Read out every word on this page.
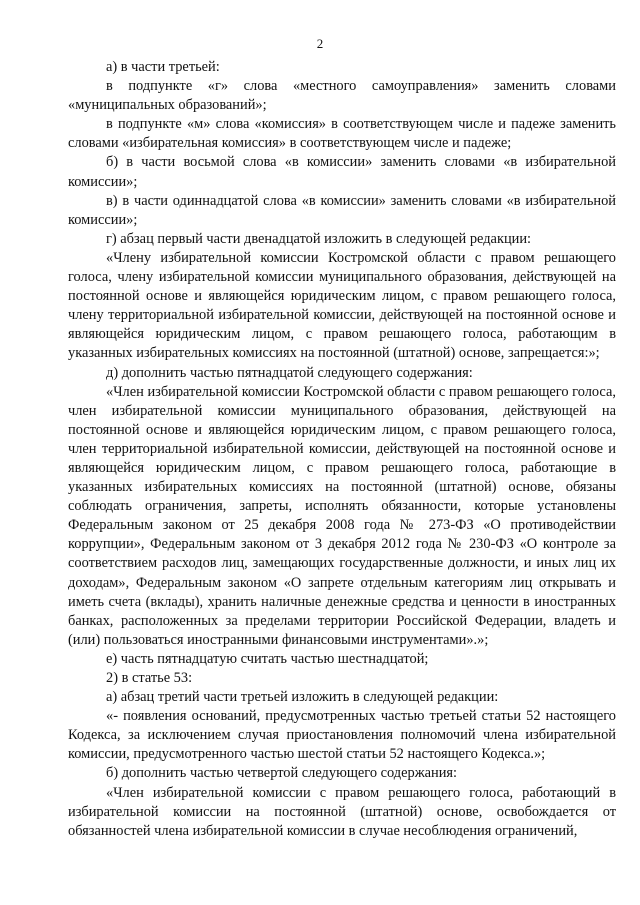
2

а) в части третьей:

в подпункте «г» слова «местного самоуправления» заменить словами «муниципальных образований»;

в подпункте «м» слова «комиссия» в соответствующем числе и падеже заменить словами «избирательная комиссия» в соответствующем числе и падеже;

б) в части восьмой слова «в комиссии» заменить словами «в избирательной комиссии»;

в) в части одиннадцатой слова «в комиссии» заменить словами «в избирательной комиссии»;

г) абзац первый части двенадцатой изложить в следующей редакции:

«Члену избирательной комиссии Костромской области с правом решающего голоса, члену избирательной комиссии муниципального образования, действующей на постоянной основе и являющейся юридическим лицом, с правом решающего голоса, члену территориальной избирательной комиссии, действующей на постоянной основе и являющейся юридическим лицом, с правом решающего голоса, работающим в указанных избирательных комиссиях на постоянной (штатной) основе, запрещается:»;

д) дополнить частью пятнадцатой следующего содержания:

«Член избирательной комиссии Костромской области с правом решающего голоса, член избирательной комиссии муниципального образования, действующей на постоянной основе и являющейся юридическим лицом, с правом решающего голоса, член территориальной избирательной комиссии, действующей на постоянной основе и являющейся юридическим лицом, с правом решающего голоса, работающие в указанных избирательных комиссиях на постоянной (штатной) основе, обязаны соблюдать ограничения, запреты, исполнять обязанности, которые установлены Федеральным законом от 25 декабря 2008 года № 273-ФЗ «О противодействии коррупции», Федеральным законом от 3 декабря 2012 года № 230-ФЗ «О контроле за соответствием расходов лиц, замещающих государственные должности, и иных лиц их доходам», Федеральным законом «О запрете отдельным категориям лиц открывать и иметь счета (вклады), хранить наличные денежные средства и ценности в иностранных банках, расположенных за пределами территории Российской Федерации, владеть и (или) пользоваться иностранными финансовыми инструментами».»;

е) часть пятнадцатую считать частью шестнадцатой;

2) в статье 53:

а) абзац третий части третьей изложить в следующей редакции:

«- появления оснований, предусмотренных частью третьей статьи 52 настоящего Кодекса, за исключением случая приостановления полномочий члена избирательной комиссии, предусмотренного частью шестой статьи 52 настоящего Кодекса.»;

б) дополнить частью четвертой следующего содержания:

«Член избирательной комиссии с правом решающего голоса, работающий в избирательной комиссии на постоянной (штатной) основе, освобождается от обязанностей члена избирательной комиссии в случае несоблюдения ограничений,
